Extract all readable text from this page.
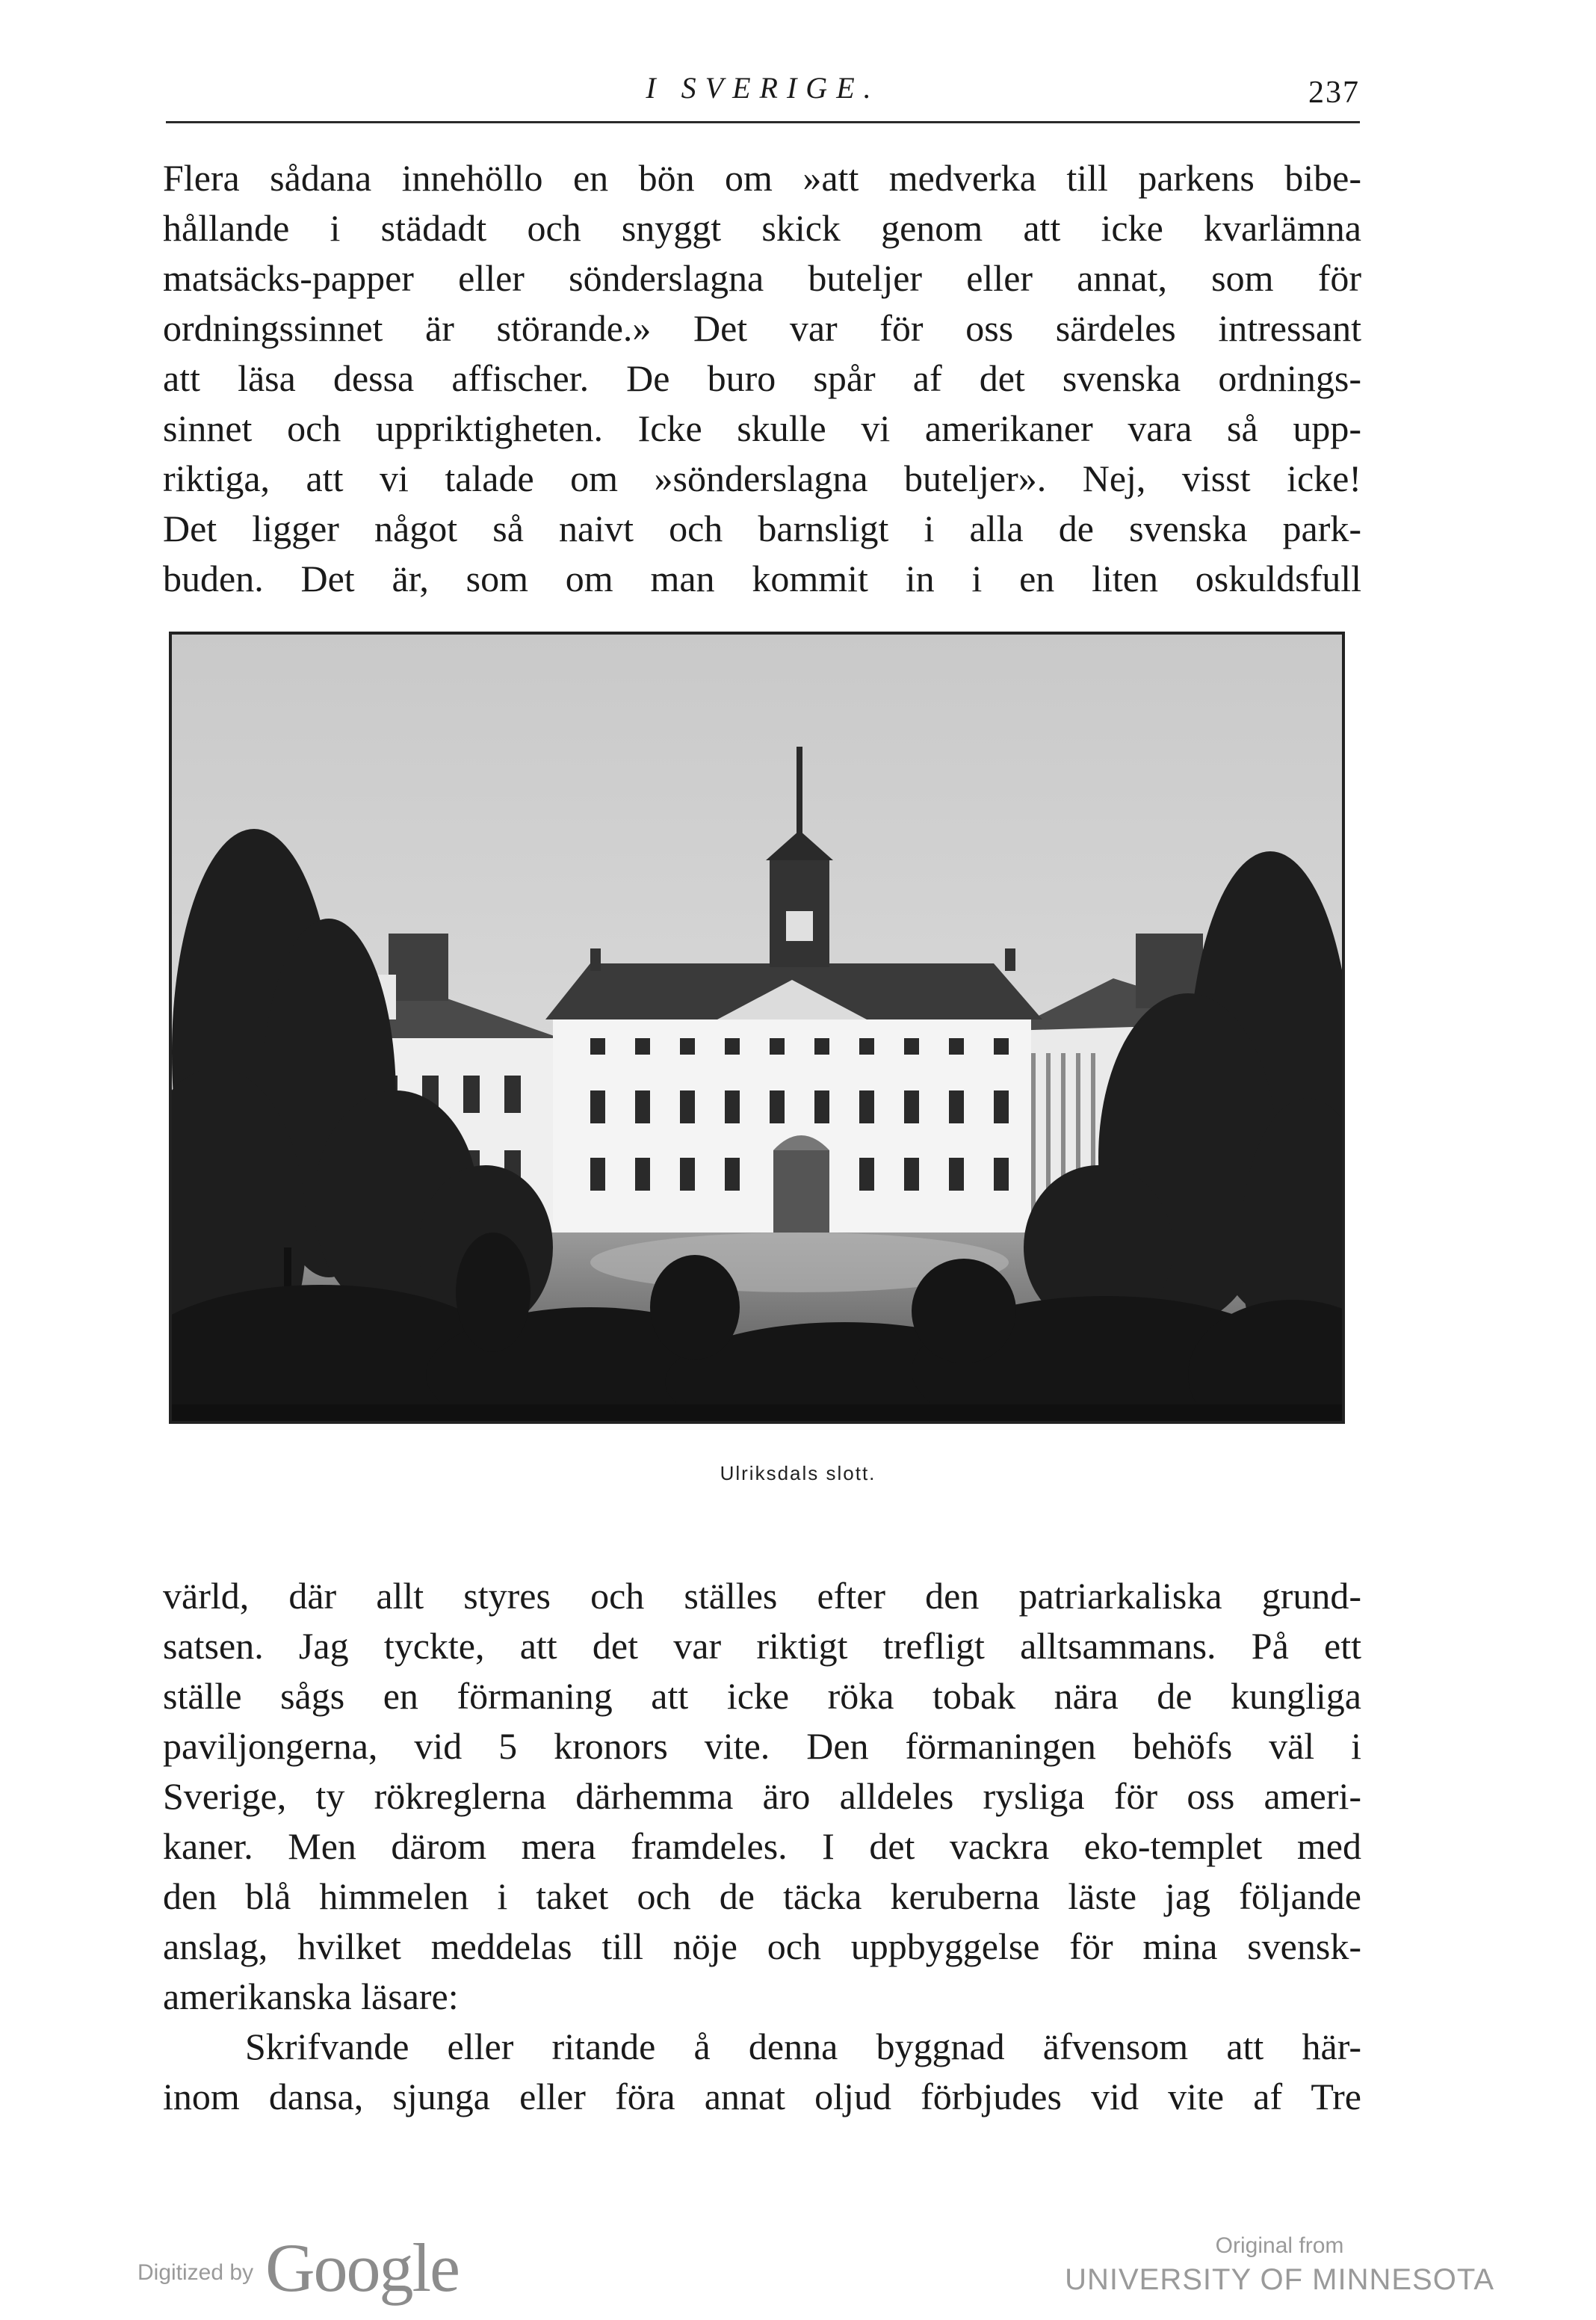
I SVERIGE.	237
Flera sådana innehöllo en bön om »att medverka till parkens bibe-
hållande i städadt och snyggt skick genom att icke kvarlämna
matsäcks-papper eller sönderslagna buteljer eller annat, som för
ordningssinnet är störande.» Det var för oss särdeles intressant
att läsa dessa affischer. De buro spår af det svenska ordnings-
sinnet och uppriktigheten. Icke skulle vi amerikaner vara så upp-
riktiga, att vi talade om »sönderslagna buteljer». Nej, visst icke!
Det ligger något så naivt och barnsligt i alla de svenska park-
buden. Det är, som om man kommit in i en liten oskuldsfull
Ulriksdals slott.
värld, där allt styres och ställes efter den patriarkaliska grund-
satsen. Jag tyckte, att det var riktigt trefligt alltsammans. På ett
ställe sågs en förmaning att icke röka tobak nära de kungliga
paviljongerna, vid 5 kronors vite. Den förmaningen behöfs väl i
Sverige, ty rökreglerna därhemma äro alldeles rysliga för oss ameri-
kaner. Men därom mera framdeles. I det vackra eko-templet med
den blå himmelen i taket och de täcka keruberna läste jag följande
anslag, hvilket meddelas till nöje och uppbyggelse för mina svensk-
amerikanska läsare:
Skrifvande eller ritande å denna byggnad äfvensom att här-
inom dansa, sjunga eller föra annat oljud förbjudes vid vite af Tre
Digitized by Google	Original from
UNIVERSITY OF MINNESOTA
